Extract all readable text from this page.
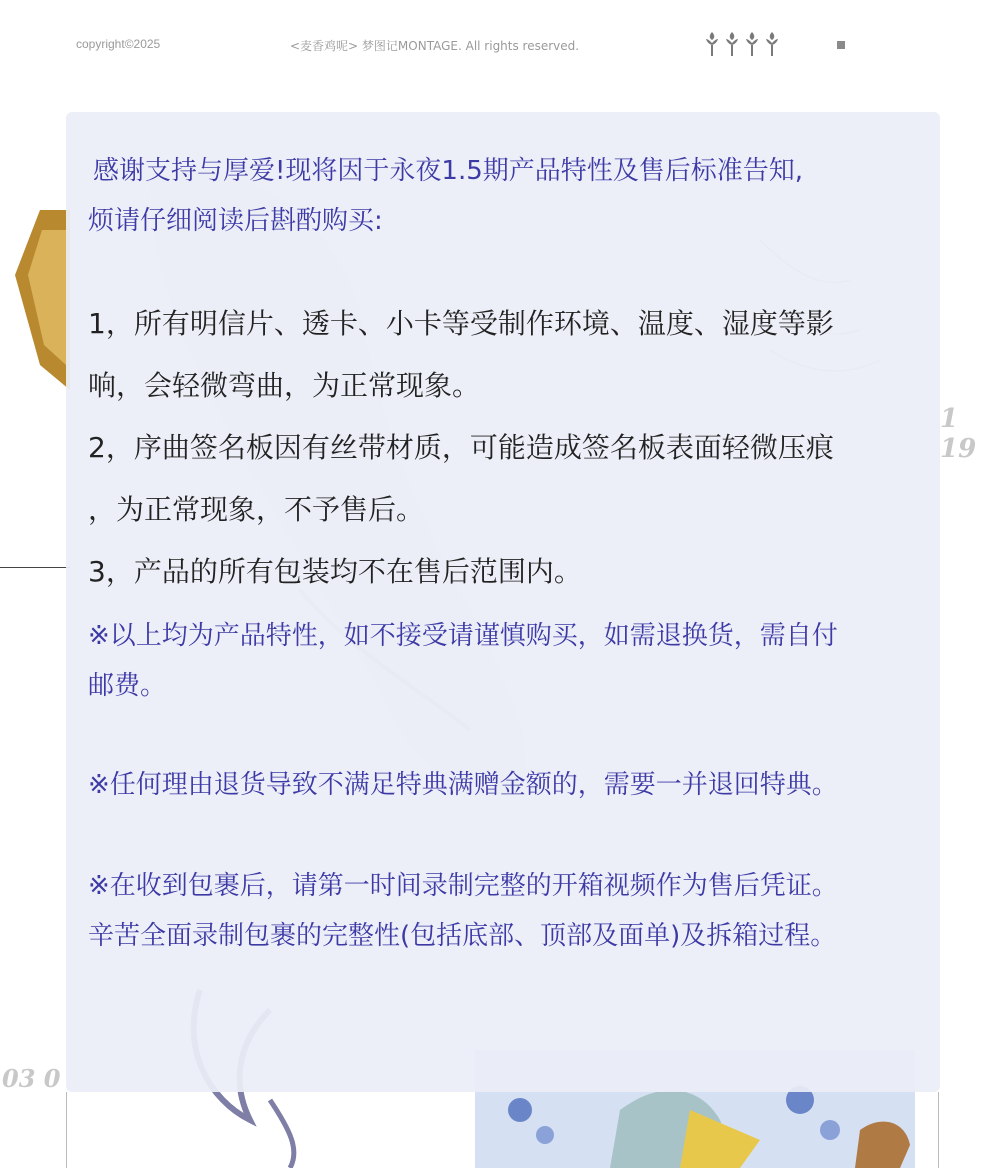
copyright©2025	<麦香鸡呢> 梦图记MONTAGE. All rights reserved.
03 0
1 19
感谢支持与厚爱!现将因于永夜1.5期产品特性及售后标准告知,
烦请仔细阅读后斟酌购买:
1，所有明信片、透卡、小卡等受制作环境、温度、湿度等影
响，会轻微弯曲，为正常现象。
2，序曲签名板因有丝带材质，可能造成签名板表面轻微压痕
，为正常现象，不予售后。
3，产品的所有包装均不在售后范围内。
※以上均为产品特性，如不接受请谨慎购买，如需退换货，需自付
邮费。
※任何理由退货导致不满足特典满赠金额的，需要一并退回特典。
※在收到包裹后，请第一时间录制完整的开箱视频作为售后凭证。
辛苦全面录制包裹的完整性(包括底部、顶部及面单)及拆箱过程。
